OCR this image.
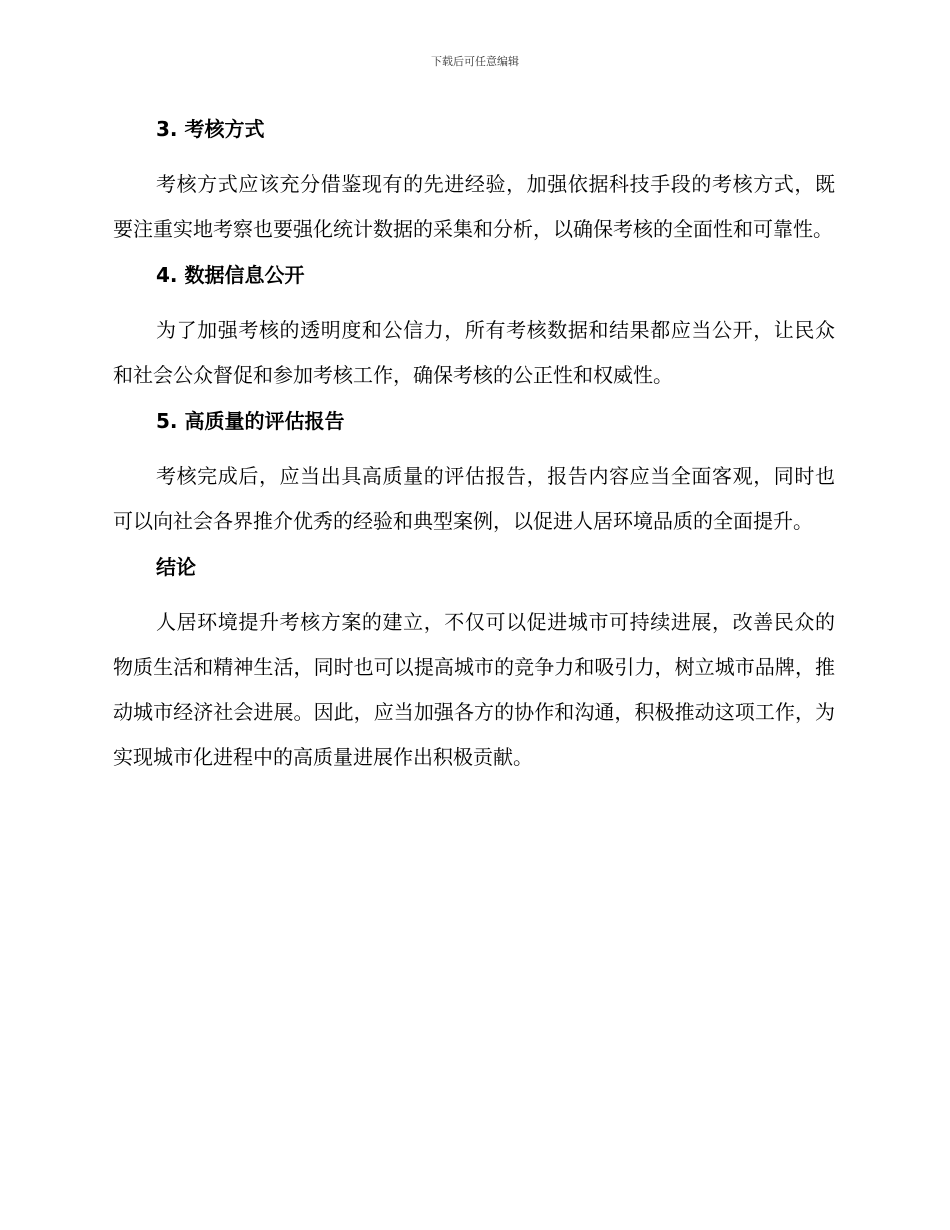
下载后可任意编辑
3. 考核方式

考核方式应该充分借鉴现有的先进经验，加强依据科技手段的考核方式，既要注重实地考察也要强化统计数据的采集和分析，以确保考核的全面性和可靠性。

4. 数据信息公开

为了加强考核的透明度和公信力，所有考核数据和结果都应当公开，让民众和社会公众督促和参加考核工作，确保考核的公正性和权威性。

5. 高质量的评估报告

考核完成后，应当出具高质量的评估报告，报告内容应当全面客观，同时也可以向社会各界推介优秀的经验和典型案例，以促进人居环境品质的全面提升。

结论

人居环境提升考核方案的建立，不仅可以促进城市可持续进展，改善民众的物质生活和精神生活，同时也可以提高城市的竞争力和吸引力，树立城市品牌，推动城市经济社会进展。因此，应当加强各方的协作和沟通，积极推动这项工作，为实现城市化进程中的高质量进展作出积极贡献。
